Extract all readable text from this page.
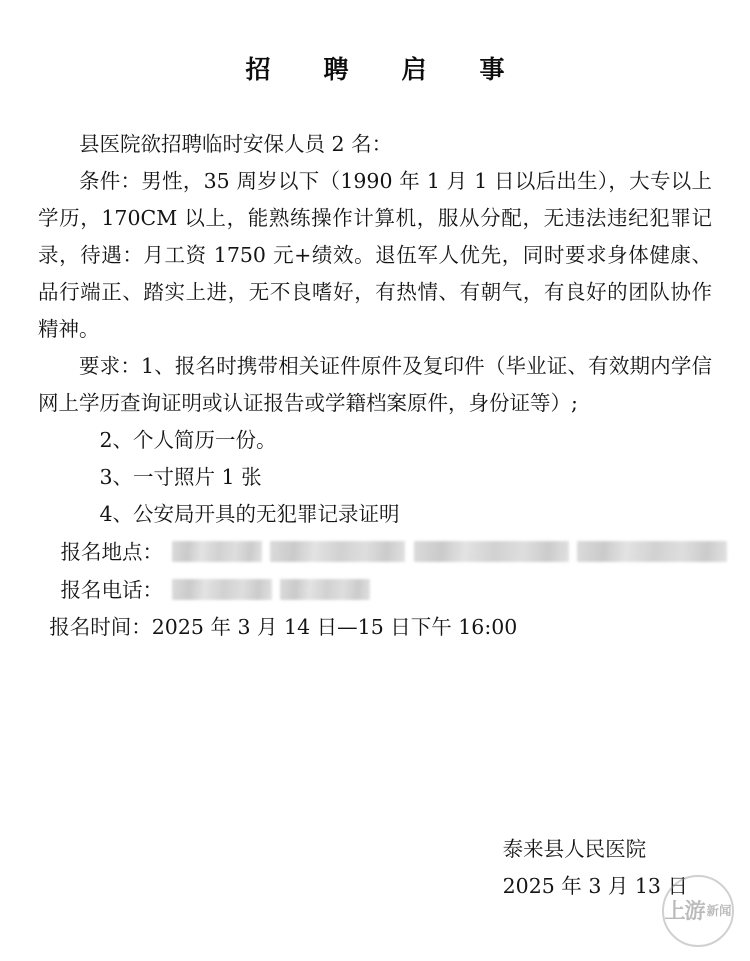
招　聘　启　事

县医院欲招聘临时安保人员 2 名：

条件：男性，35 周岁以下（1990 年 1 月 1 日以后出生），大专以上学历，170CM 以上，能熟练操作计算机，服从分配，无违法违纪犯罪记录，待遇：月工资 1750 元+绩效。退伍军人优先，同时要求身体健康、品行端正、踏实上进，无不良嗜好，有热情、有朝气，有良好的团队协作精神。

要求：1、报名时携带相关证件原件及复印件（毕业证、有效期内学信网上学历查询证明或认证报告或学籍档案原件，身份证等）;

2、个人简历一份。

3、一寸照片 1 张

4、公安局开具的无犯罪记录证明

报名地点：

报名电话：

报名时间：2025 年 3 月 14 日—15 日下午 16:00

泰来县人民医院
2025 年 3 月 13 日
上游 新闻
